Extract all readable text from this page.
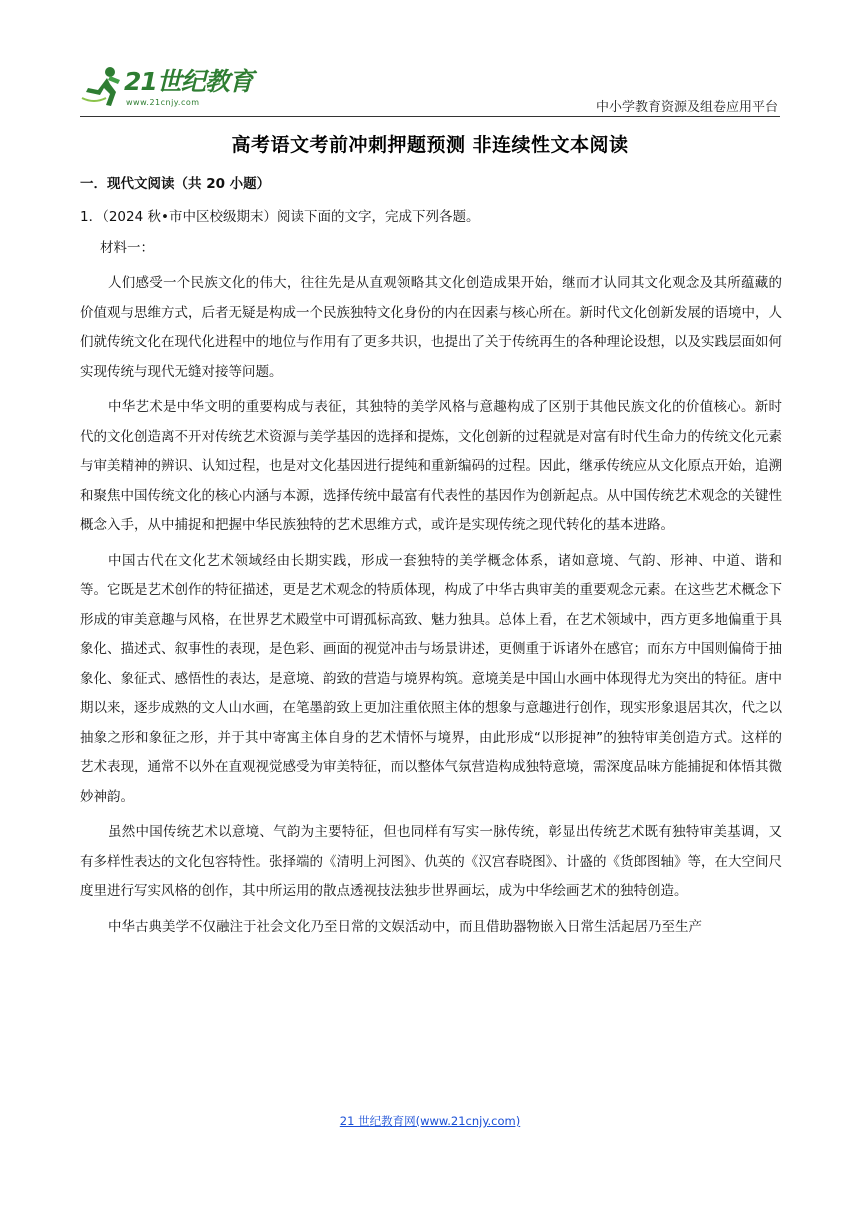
21世纪教育
www.21cnjy.com	中小学教育资源及组卷应用平台
高考语文考前冲刺押题预测 非连续性文本阅读

一．现代文阅读（共 20 小题）

1．（2024 秋•市中区校级期末）阅读下面的文字，完成下列各题。

材料一：

人们感受一个民族文化的伟大，往往先是从直观领略其文化创造成果开始，继而才认同其文化观念及其所蕴藏的价值观与思维方式，后者无疑是构成一个民族独特文化身份的内在因素与核心所在。新时代文化创新发展的语境中，人们就传统文化在现代化进程中的地位与作用有了更多共识，也提出了关于传统再生的各种理论设想，以及实践层面如何实现传统与现代无缝对接等问题。

中华艺术是中华文明的重要构成与表征，其独特的美学风格与意趣构成了区别于其他民族文化的价值核心。新时代的文化创造离不开对传统艺术资源与美学基因的选择和提炼，文化创新的过程就是对富有时代生命力的传统文化元素与审美精神的辨识、认知过程，也是对文化基因进行提纯和重新编码的过程。因此，继承传统应从文化原点开始，追溯和聚焦中国传统文化的核心内涵与本源，选择传统中最富有代表性的基因作为创新起点。从中国传统艺术观念的关键性概念入手，从中捕捉和把握中华民族独特的艺术思维方式，或许是实现传统之现代转化的基本进路。

中国古代在文化艺术领域经由长期实践，形成一套独特的美学概念体系，诸如意境、气韵、形神、中道、谐和等。它既是艺术创作的特征描述，更是艺术观念的特质体现，构成了中华古典审美的重要观念元素。在这些艺术概念下形成的审美意趣与风格，在世界艺术殿堂中可谓孤标高致、魅力独具。总体上看，在艺术领域中，西方更多地偏重于具象化、描述式、叙事性的表现，是色彩、画面的视觉冲击与场景讲述，更侧重于诉诸外在感官；而东方中国则偏倚于抽象化、象征式、感悟性的表达，是意境、韵致的营造与境界构筑。意境美是中国山水画中体现得尤为突出的特征。唐中期以来，逐步成熟的文人山水画，在笔墨韵致上更加注重依照主体的想象与意趣进行创作，现实形象退居其次，代之以抽象之形和象征之形，并于其中寄寓主体自身的艺术情怀与境界，由此形成“以形捉神”的独特审美创造方式。这样的艺术表现，通常不以外在直观视觉感受为审美特征，而以整体气氛营造构成独特意境，需深度品味方能捕捉和体悟其微妙神韵。

虽然中国传统艺术以意境、气韵为主要特征，但也同样有写实一脉传统，彰显出传统艺术既有独特审美基调，又有多样性表达的文化包容特性。张择端的《清明上河图》、仇英的《汉宫春晓图》、计盛的《货郎图轴》等，在大空间尺度里进行写实风格的创作，其中所运用的散点透视技法独步世界画坛，成为中华绘画艺术的独特创造。

中华古典美学不仅融注于社会文化乃至日常的文娱活动中，而且借助器物嵌入日常生活起居乃至生产

21 世纪教育网(www.21cnjy.com)
